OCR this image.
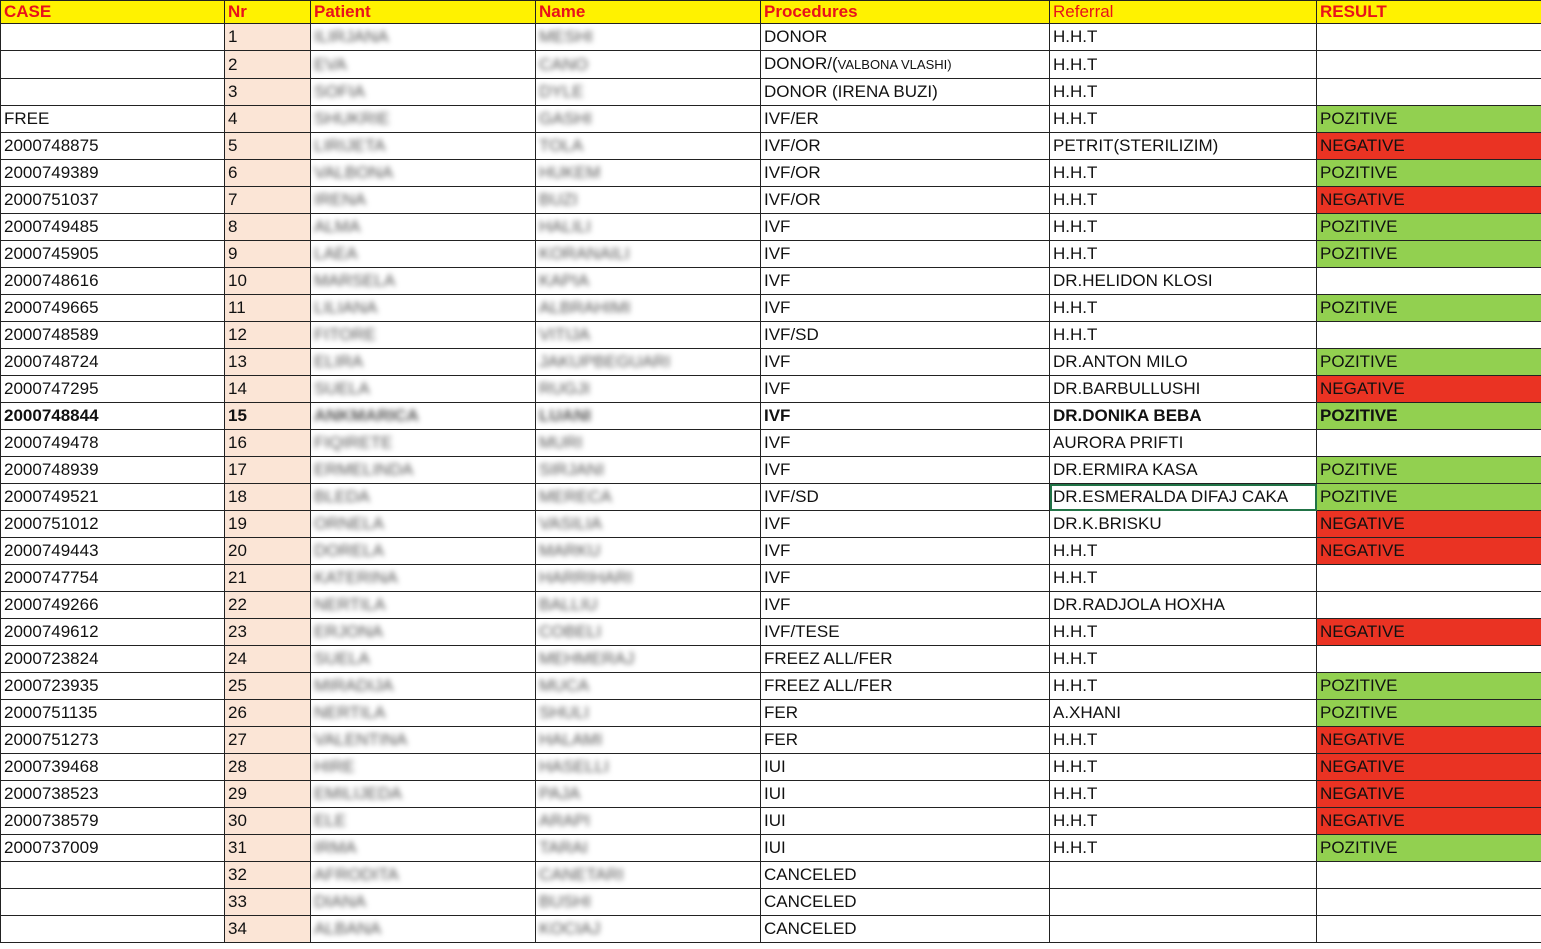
CASE	Nr	Patient	Name	Procedures	Referral	RESULT
	1	ILIRJANA	MESHI	DONOR	H.H.T	
	2	EVA	CANO	DONOR/(VALBONA VLASHI)	H.H.T	
	3	SOFIA	DYLE	DONOR (IRENA BUZI)	H.H.T	
FREE	4	SHUKRIE	GASHI	IVF/ER	H.H.T	POZITIVE
2000748875	5	LIRIJETA	TOLA	IVF/OR	PETRIT(STERILIZIM)	NEGATIVE
2000749389	6	VALBONA	HUKEM	IVF/OR	H.H.T	POZITIVE
2000751037	7	IRENA	BUZI	IVF/OR	H.H.T	NEGATIVE
2000749485	8	ALMA	HALILI	IVF	H.H.T	POZITIVE
2000745905	9	LAEA	KORANAILI	IVF	H.H.T	POZITIVE
2000748616	10	MARSELA	KAPIA	IVF	DR.HELIDON KLOSI	
2000749665	11	LILIANA	ALBRAHIMI	IVF	H.H.T	POZITIVE
2000748589	12	FITORE	VITIJA	IVF/SD	H.H.T	
2000748724	13	ELIRA	JAKUPBEGUARI	IVF	DR.ANTON MILO	POZITIVE
2000747295	14	SUELA	RUGJI	IVF	DR.BARBULLUSHI	NEGATIVE
2000748844	15	ANKMARICA	LUANI	IVF	DR.DONIKA BEBA	POZITIVE
2000749478	16	FIQIRETE	MURI	IVF	AURORA PRIFTI	
2000748939	17	ERMELINDA	SIRJANI	IVF	DR.ERMIRA KASA	POZITIVE
2000749521	18	BLEDA	MERECA	IVF/SD	DR.ESMERALDA DIFAJ CAKA	POZITIVE
2000751012	19	ORNELA	VASILIA	IVF	DR.K.BRISKU	NEGATIVE
2000749443	20	DORELA	MARKU	IVF	H.H.T	NEGATIVE
2000747754	21	KATERINA	HARRIHARI	IVF	H.H.T	
2000749266	22	NERTILA	BALLIU	IVF	DR.RADJOLA HOXHA	
2000749612	23	ERJONA	COBELI	IVF/TESE	H.H.T	NEGATIVE
2000723824	24	SUELA	MEHMERAJ	FREEZ ALL/FER	H.H.T	
2000723935	25	MIRADIJA	MUCA	FREEZ ALL/FER	H.H.T	POZITIVE
2000751135	26	NERTILA	SHULI	FER	A.XHANI	POZITIVE
2000751273	27	VALENTINA	HALAMI	FER	H.H.T	NEGATIVE
2000739468	28	HIRE	HASELLI	IUI	H.H.T	NEGATIVE
2000738523	29	EMILIJEDA	PAJA	IUI	H.H.T	NEGATIVE
2000738579	30	ELE	ARAPI	IUI	H.H.T	NEGATIVE
2000737009	31	IRMA	TARAI	IUI	H.H.T	POZITIVE
	32	AFRODITA	CANETARI	CANCELED		
	33	DIANA	BUSHI	CANCELED		
	34	ALBANA	KOCIAJ	CANCELED		
